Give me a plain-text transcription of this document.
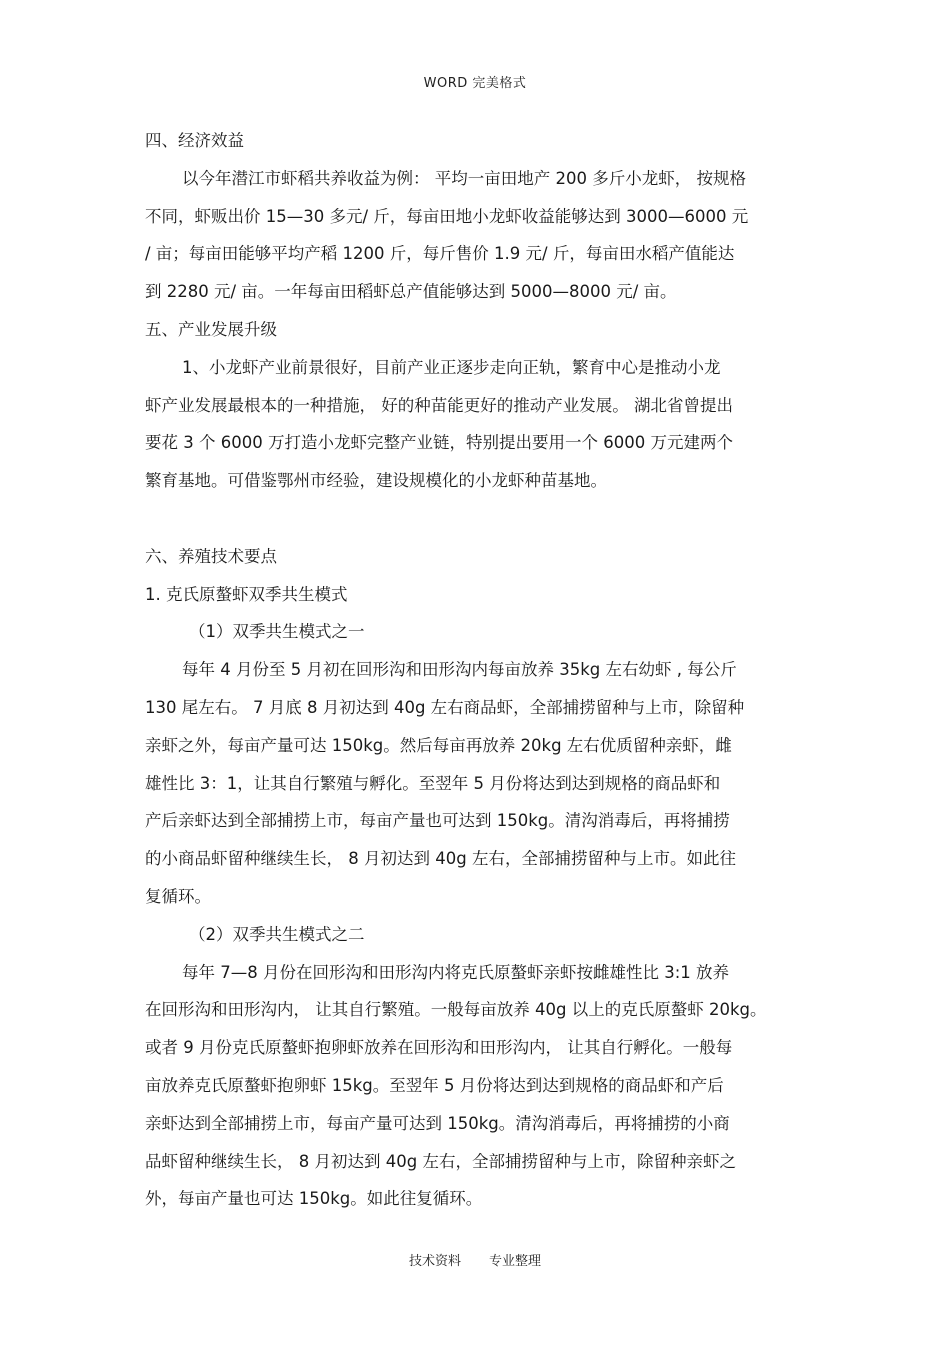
WORD 完美格式
四、经济效益
以今年潜江市虾稻共养收益为例： 平均一亩田地产 200 多斤小龙虾， 按规格
不同，虾贩出价 15—30 多元/ 斤，每亩田地小龙虾收益能够达到 3000—6000 元
/ 亩；每亩田能够平均产稻 1200 斤，每斤售价 1.9 元/ 斤，每亩田水稻产值能达
到 2280 元/ 亩。一年每亩田稻虾总产值能够达到 5000—8000 元/ 亩。
五、产业发展升级
1、小龙虾产业前景很好，目前产业正逐步走向正轨，繁育中心是推动小龙
虾产业发展最根本的一种措施， 好的种苗能更好的推动产业发展。 湖北省曾提出
要花 3 个 6000 万打造小龙虾完整产业链，特别提出要用一个 6000 万元建两个
繁育基地。可借鉴鄂州市经验，建设规模化的小龙虾种苗基地。
六、养殖技术要点
1. 克氏原螯虾双季共生模式
（1）双季共生模式之一
每年 4 月份至 5 月初在回形沟和田形沟内每亩放养 35kg 左右幼虾 , 每公斤
130 尾左右。 7 月底 8 月初达到 40g 左右商品虾，全部捕捞留种与上市，除留种
亲虾之外，每亩产量可达 150kg。然后每亩再放养 20kg 左右优质留种亲虾，雌
雄性比 3：1，让其自行繁殖与孵化。至翌年 5 月份将达到达到规格的商品虾和
产后亲虾达到全部捕捞上市，每亩产量也可达到 150kg。清沟消毒后，再将捕捞
的小商品虾留种继续生长， 8 月初达到 40g 左右，全部捕捞留种与上市。如此往
复循环。
（2）双季共生模式之二
每年 7—8 月份在回形沟和田形沟内将克氏原螯虾亲虾按雌雄性比 3:1 放养
在回形沟和田形沟内， 让其自行繁殖。一般每亩放养 40g 以上的克氏原螯虾 20kg。
或者 9 月份克氏原螯虾抱卵虾放养在回形沟和田形沟内， 让其自行孵化。一般每
亩放养克氏原螯虾抱卵虾 15kg。至翌年 5 月份将达到达到规格的商品虾和产后
亲虾达到全部捕捞上市，每亩产量可达到 150kg。清沟消毒后，再将捕捞的小商
品虾留种继续生长， 8 月初达到 40g 左右，全部捕捞留种与上市，除留种亲虾之
外，每亩产量也可达 150kg。如此往复循环。
技术资料 专业整理
